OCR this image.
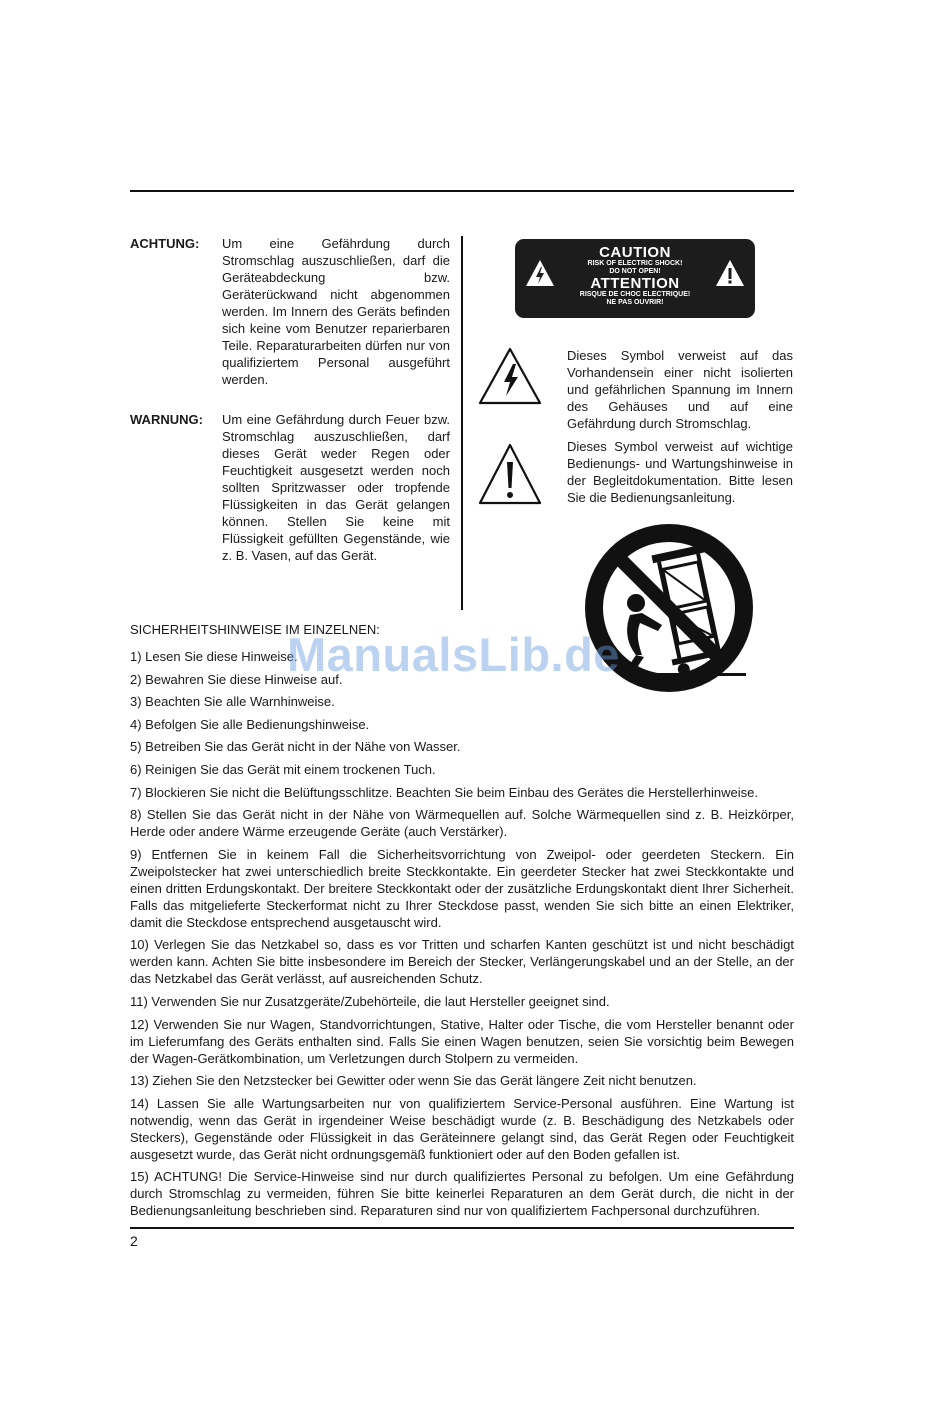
ACHTUNG: Um eine Gefährdung durch Stromschlag auszuschließen, darf die Geräteabdeckung bzw. Geräterückwand nicht abgenommen werden. Im Innern des Geräts befinden sich keine vom Benutzer reparierbaren Teile. Reparaturarbeiten dürfen nur von qualifiziertem Personal ausgeführt werden.
WARNUNG: Um eine Gefährdung durch Feuer bzw. Stromschlag auszuschließen, darf dieses Gerät weder Regen oder Feuchtigkeit ausgesetzt werden noch sollten Spritzwasser oder tropfende Flüssigkeiten in das Gerät gelangen können. Stellen Sie keine mit Flüssigkeit gefüllten Gegenstände, wie z. B. Vasen, auf das Gerät.
CAUTION
RISK OF ELECTRIC SHOCK!
DO NOT OPEN!
ATTENTION
RISQUE DE CHOC ELECTRIQUE!
NE PAS OUVRIR!
Dieses Symbol verweist auf das Vorhandensein einer nicht isolierten und gefährlichen Spannung im Innern des Gehäuses und auf eine Gefährdung durch Stromschlag.
Dieses Symbol verweist auf wichtige Bedienungs- und Wartungshinweise in der Begleitdokumentation. Bitte lesen Sie die Bedienungsanleitung.
SICHERHEITSHINWEISE IM EINZELNEN:
1) Lesen Sie diese Hinweise.
2) Bewahren Sie diese Hinweise auf.
3) Beachten Sie alle Warnhinweise.
4) Befolgen Sie alle Bedienungshinweise.
5) Betreiben Sie das Gerät nicht in der Nähe von Wasser.
6) Reinigen Sie das Gerät mit einem trockenen Tuch.
7) Blockieren Sie nicht die Belüftungsschlitze. Beachten Sie beim Einbau des Gerätes die Herstellerhinweise.
8) Stellen Sie das Gerät nicht in der Nähe von Wärmequellen auf. Solche Wärmequellen sind z. B. Heizkörper, Herde oder andere Wärme erzeugende Geräte (auch Verstärker).
9) Entfernen Sie in keinem Fall die Sicherheitsvorrichtung von Zweipol- oder geerdeten Steckern. Ein Zweipolstecker hat zwei unterschiedlich breite Steckkontakte. Ein geerdeter Stecker hat zwei Steckkontakte und einen dritten Erdungskontakt. Der breitere Steckkontakt oder der zusätzliche Erdungskontakt dient Ihrer Sicherheit. Falls das mitgelieferte Steckerformat nicht zu Ihrer Steckdose passt, wenden Sie sich bitte an einen Elektriker, damit die Steckdose entsprechend ausgetauscht wird.
10) Verlegen Sie das Netzkabel so, dass es vor Tritten und scharfen Kanten geschützt ist und nicht beschädigt werden kann. Achten Sie bitte insbesondere im Bereich der Stecker, Verlängerungskabel und an der Stelle, an der das Netzkabel das Gerät verlässt, auf ausreichenden Schutz.
11) Verwenden Sie nur Zusatzgeräte/Zubehörteile, die laut Hersteller geeignet sind.
12) Verwenden Sie nur Wagen, Standvorrichtungen, Stative, Halter oder Tische, die vom Hersteller benannt oder im Lieferumfang des Geräts enthalten sind. Falls Sie einen Wagen benutzen, seien Sie vorsichtig beim Bewegen der Wagen-Gerätkombination, um Verletzungen durch Stolpern zu vermeiden.
13) Ziehen Sie den Netzstecker bei Gewitter oder wenn Sie das Gerät längere Zeit nicht benutzen.
14) Lassen Sie alle Wartungsarbeiten nur von qualifiziertem Service-Personal ausführen. Eine Wartung ist notwendig, wenn das Gerät in irgendeiner Weise beschädigt wurde (z. B. Beschädigung des Netzkabels oder Steckers), Gegenstände oder Flüssigkeit in das Geräteinnere gelangt sind, das Gerät Regen oder Feuchtigkeit ausgesetzt wurde, das Gerät nicht ordnungsgemäß funktioniert oder auf den Boden gefallen ist.
15) ACHTUNG! Die Service-Hinweise sind nur durch qualifiziertes Personal zu befolgen. Um eine Gefährdung durch Stromschlag zu vermeiden, führen Sie bitte keinerlei Reparaturen an dem Gerät durch, die nicht in der Bedienungsanleitung beschrieben sind. Reparaturen sind nur von qualifiziertem Fachpersonal durchzuführen.
2
ManualsLib.de
